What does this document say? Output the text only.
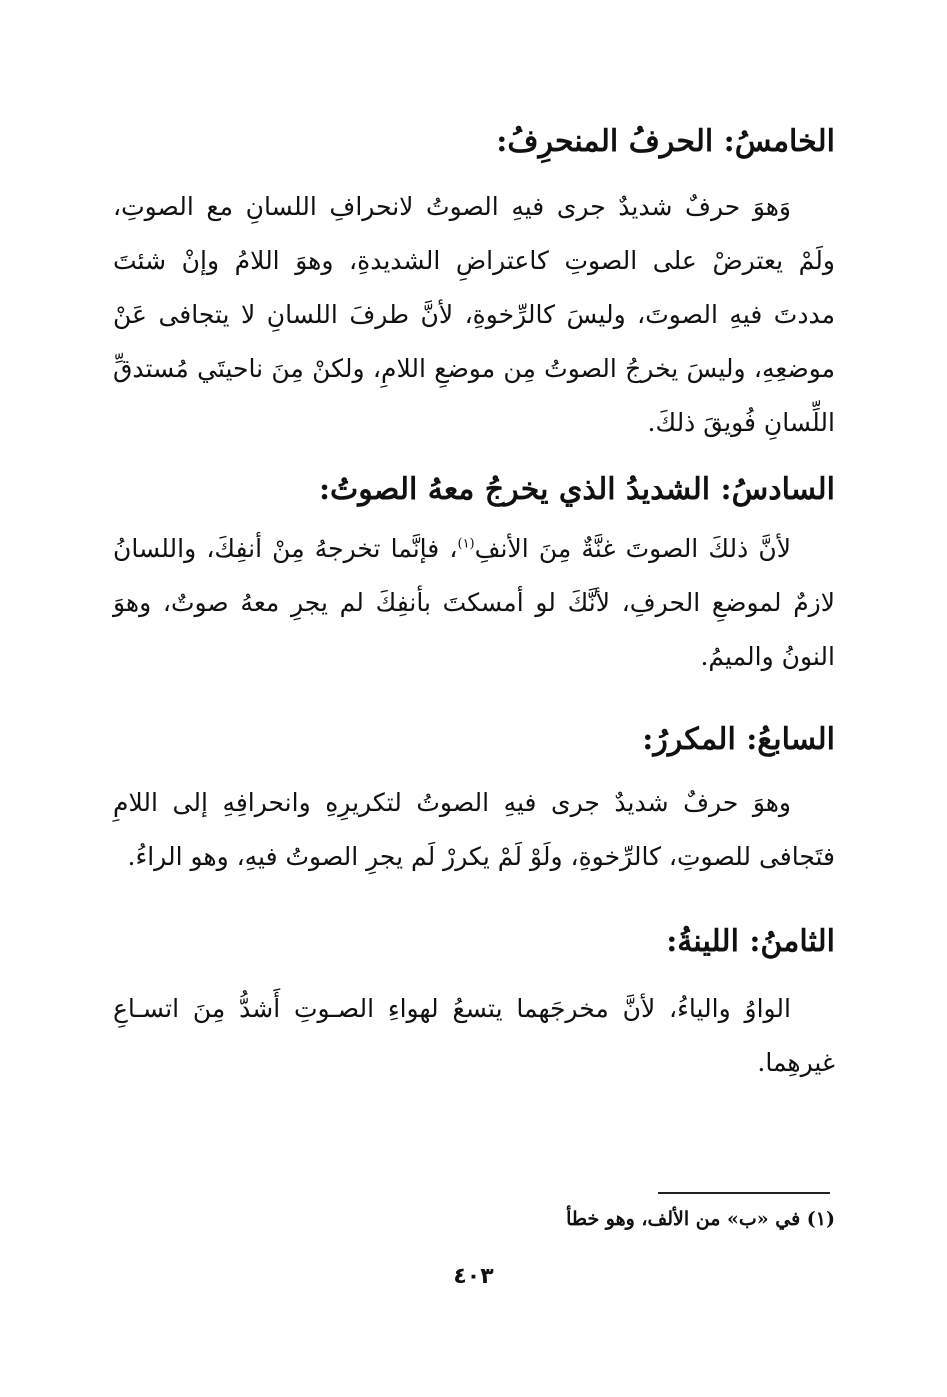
الخامسُ: الحرفُ المنحرِفُ:

وَهوَ حرفٌ شديدٌ جرى فيهِ الصوتُ لانحرافِ اللسانِ مع الصوتِ، ولَمْ يعترضْ على الصوتِ كاعتراضِ الشديدةِ، وهوَ اللامُ وإنْ شئتَ مددتَ فيهِ الصوتَ، وليسَ كالرِّخوةِ، لأنَّ طرفَ اللسانِ لا يتجافى عَنْ موضعِهِ، وليسَ يخرجُ الصوتُ مِن موضعِ اللامِ، ولكنْ مِنَ ناحيتَي مُستدقِّ اللِّسانِ فُويقَ ذلكَ.

السادسُ: الشديدُ الذي يخرجُ معهُ الصوتُ:

لأنَّ ذلكَ الصوتَ غنَّةٌ مِنَ الأنفِ$^{(١)}$، فإنَّما تخرجهُ مِنْ أنفِكَ، واللسانُ لازمٌ لموضعِ الحرفِ، لأنَّكَ لو أمسكتَ بأنفِكَ لم يجرِ معهُ صوتٌ، وهوَ النونُ والميمُ.

السابعُ: المكررُ:

وهوَ حرفٌ شديدٌ جرى فيهِ الصوتُ لتكريرِهِ وانحرافِهِ إلى اللامِ فتَجافى للصوتِ، كالرِّخوةِ، ولَوْ لَمْ يكررْ لَم يجرِ الصوتُ فيهِ، وهو الراءُ.

الثامنُ: اللينةُ:

الواوُ والياءُ، لأنَّ مخرجَهما يتسعُ لهواءِ الصـوتِ أَشدُّ مِنَ اتسـاعِ غيرهِما.

(١) في «ب» من الألف، وهو خطأ
٤٠٣
